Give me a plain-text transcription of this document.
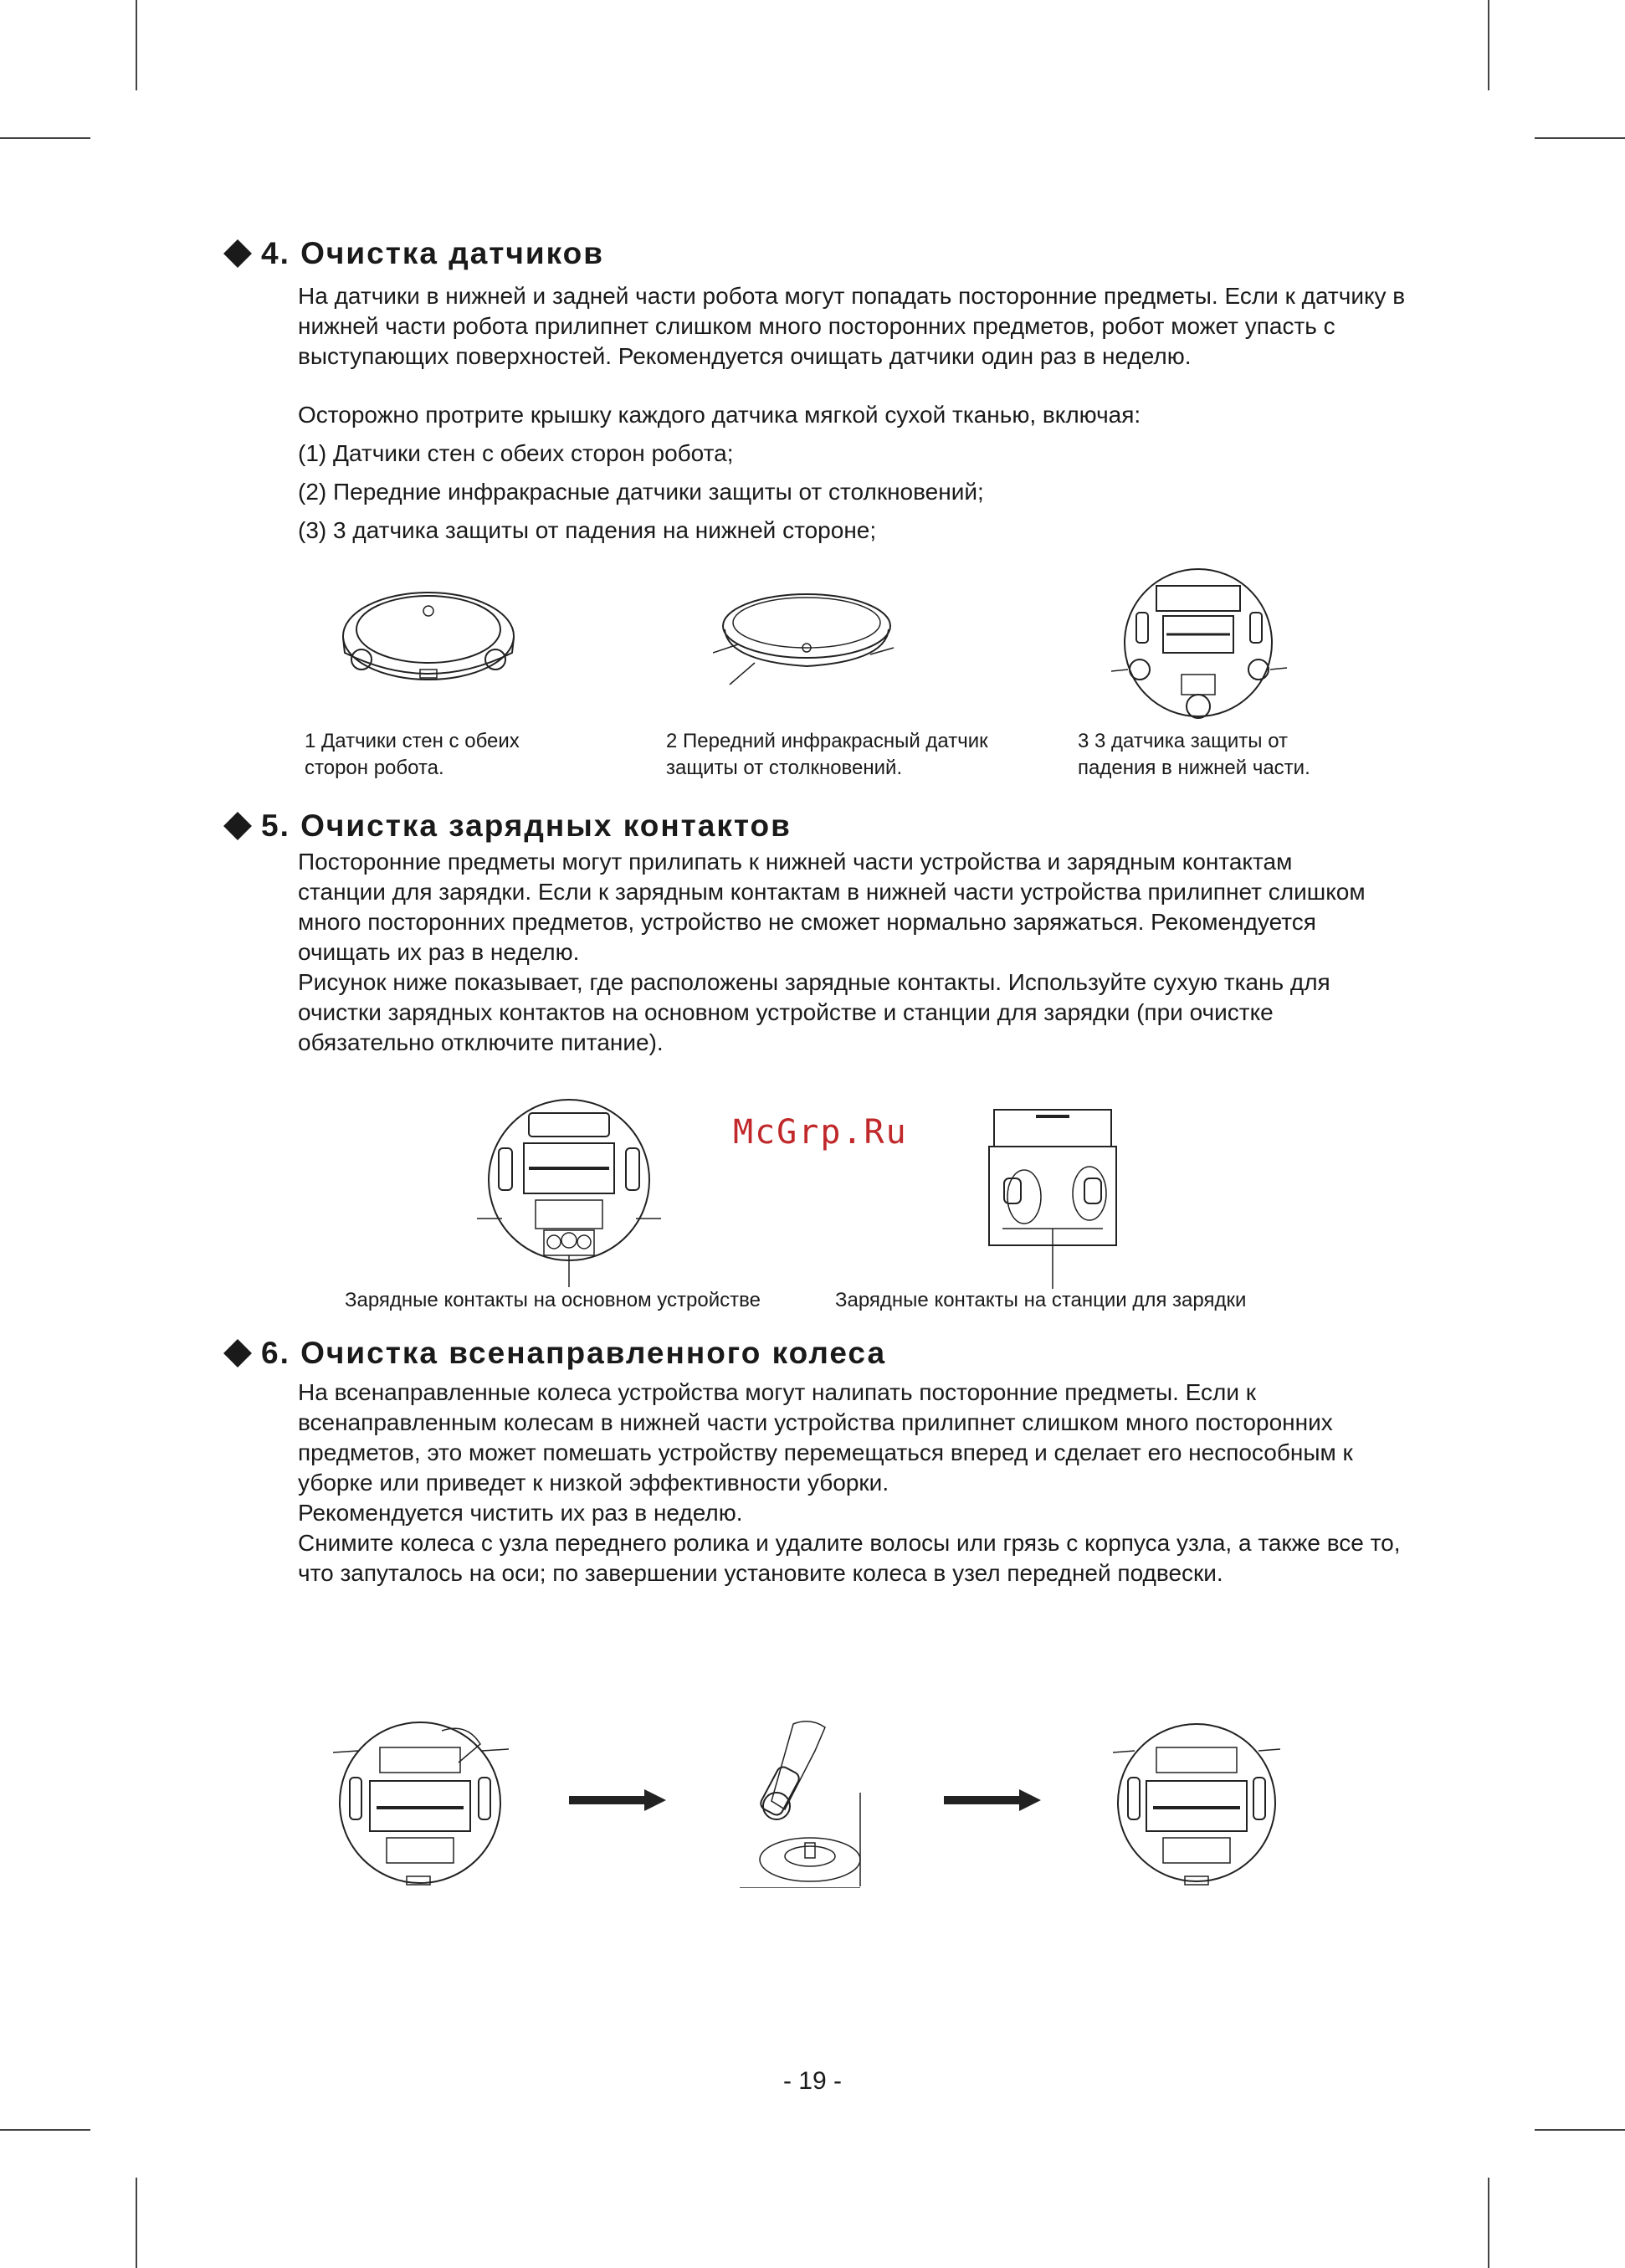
4. Очистка датчиков

На датчики в нижней и задней части робота могут попадать посторонние предметы. Если к датчику в нижней части робота прилипнет слишком много посторонних предметов, робот может упасть с выступающих поверхностей. Рекомендуется очищать датчики один раз в неделю.

Осторожно протрите крышку каждого датчика мягкой сухой тканью, включая:

(1) Датчики стен с обеих сторон робота;

(2) Передние инфракрасные датчики защиты от столкновений;

(3) 3 датчика защиты от падения на нижней стороне;

1 Датчики стен с обеих сторон робота.
2 Передний инфракрасный датчик защиты от столкновений.
3 3 датчика защиты от падения в нижней части.
5. Очистка зарядных контактов

Посторонние предметы могут прилипать к нижней части устройства и зарядным контактам станции для зарядки. Если к зарядным контактам в нижней части устройства прилипнет слишком много посторонних предметов, устройство не сможет нормально заряжаться. Рекомендуется очищать их раз в неделю.

Рисунок ниже показывает, где расположены зарядные контакты. Используйте сухую ткань для очистки зарядных контактов на основном устройстве и станции для зарядки (при очистке обязательно отключите питание).

McGrp.Ru
Зарядные контакты на основном устройстве	Зарядные контакты на станции для зарядки
6. Очистка всенаправленного колеса

На всенаправленные колеса устройства могут налипать посторонние предметы. Если к всенаправленным колесам в нижней части устройства прилипнет слишком много посторонних предметов, это может помешать устройству перемещаться вперед и сделает его неспособным к уборке или приведет к низкой эффективности уборки.

Рекомендуется чистить их раз в неделю.

Снимите колеса с узла переднего ролика и удалите волосы или грязь с корпуса узла, а также все то, что запуталось на оси; по завершении установите колеса в узел передней подвески.

- 19 -
